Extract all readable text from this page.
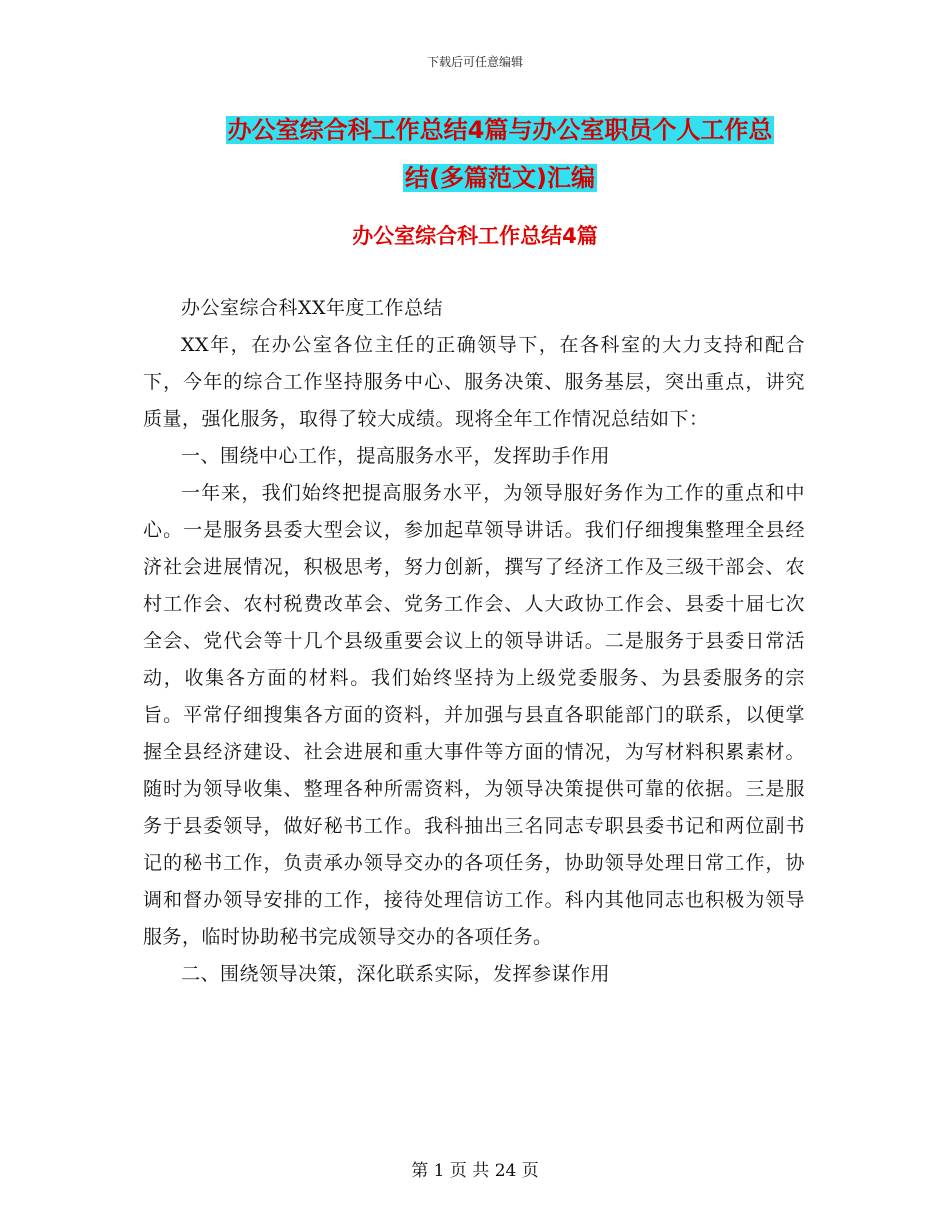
下载后可任意编辑
办公室综合科工作总结4篇与办公室职员个人工作总
结(多篇范文)汇编
办公室综合科工作总结4篇

办公室综合科XX年度工作总结

XX年，在办公室各位主任的正确领导下，在各科室的大力支持和配合下，今年的综合工作坚持服务中心、服务决策、服务基层，突出重点，讲究质量，强化服务，取得了较大成绩。现将全年工作情况总结如下：

一、围绕中心工作，提高服务水平，发挥助手作用

一年来，我们始终把提高服务水平，为领导服好务作为工作的重点和中心。一是服务县委大型会议，参加起草领导讲话。我们仔细搜集整理全县经济社会进展情况，积极思考，努力创新，撰写了经济工作及三级干部会、农村工作会、农村税费改革会、党务工作会、人大政协工作会、县委十届七次全会、党代会等十几个县级重要会议上的领导讲话。二是服务于县委日常活动，收集各方面的材料。我们始终坚持为上级党委服务、为县委服务的宗旨。平常仔细搜集各方面的资料，并加强与县直各职能部门的联系，以便掌握全县经济建设、社会进展和重大事件等方面的情况，为写材料积累素材。随时为领导收集、整理各种所需资料，为领导决策提供可靠的依据。三是服务于县委领导，做好秘书工作。我科抽出三名同志专职县委书记和两位副书记的秘书工作，负责承办领导交办的各项任务，协助领导处理日常工作，协调和督办领导安排的工作，接待处理信访工作。科内其他同志也积极为领导服务，临时协助秘书完成领导交办的各项任务。

二、围绕领导决策，深化联系实际，发挥参谋作用

第 1 页 共 24 页
